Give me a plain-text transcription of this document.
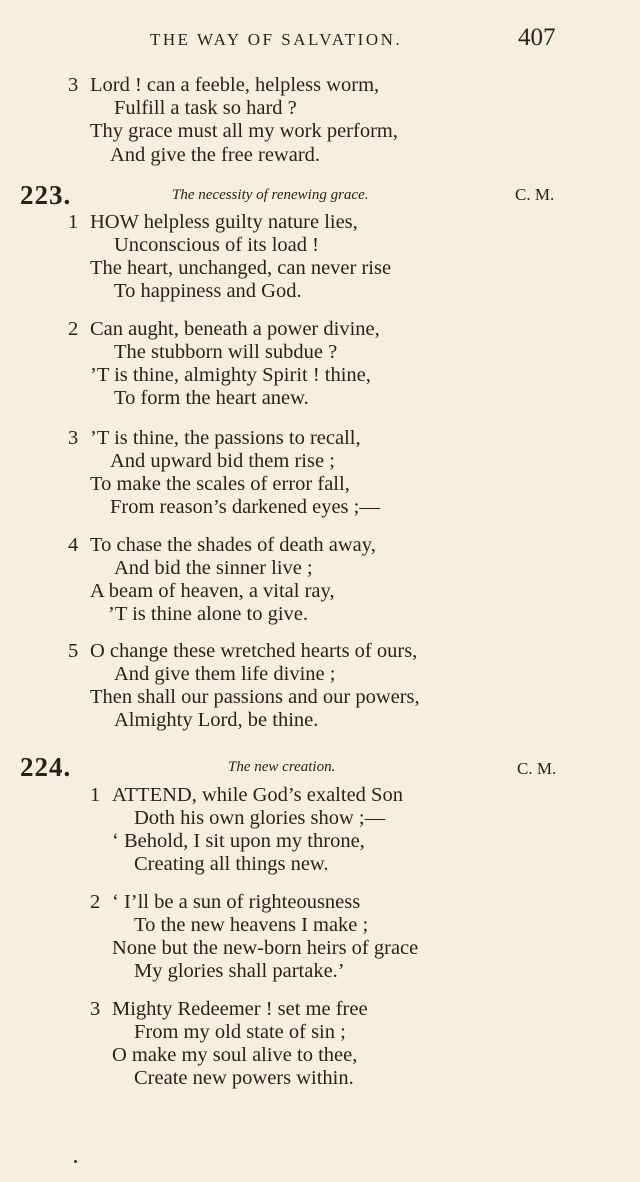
THE WAY OF SALVATION.	407
3 Lord ! can a feeble, helpless worm,
Fulfill a task so hard ?
Thy grace must all my work perform,
And give the free reward.
223.	The necessity of renewing grace.	C. M.
1 HOW helpless guilty nature lies,
Unconscious of its load !
The heart, unchanged, can never rise
To happiness and God.
2 Can aught, beneath a power divine,
The stubborn will subdue ?
’T is thine, almighty Spirit ! thine,
To form the heart anew.
3 ’T is thine, the passions to recall,
And upward bid them rise ;
To make the scales of error fall,
From reason’s darkened eyes ;—
4 To chase the shades of death away,
And bid the sinner live ;
A beam of heaven, a vital ray,
’T is thine alone to give.
5 O change these wretched hearts of ours,
And give them life divine ;
Then shall our passions and our powers,
Almighty Lord, be thine.
224.	The new creation.	C. M.
1 ATTEND, while God’s exalted Son
Doth his own glories show ;—
‘ Behold, I sit upon my throne,
Creating all things new.
2 ‘ I’ll be a sun of righteousness
To the new heavens I make ;
None but the new-born heirs of grace
My glories shall partake.’
3 Mighty Redeemer ! set me free
From my old state of sin ;
O make my soul alive to thee,
Create new powers within.
